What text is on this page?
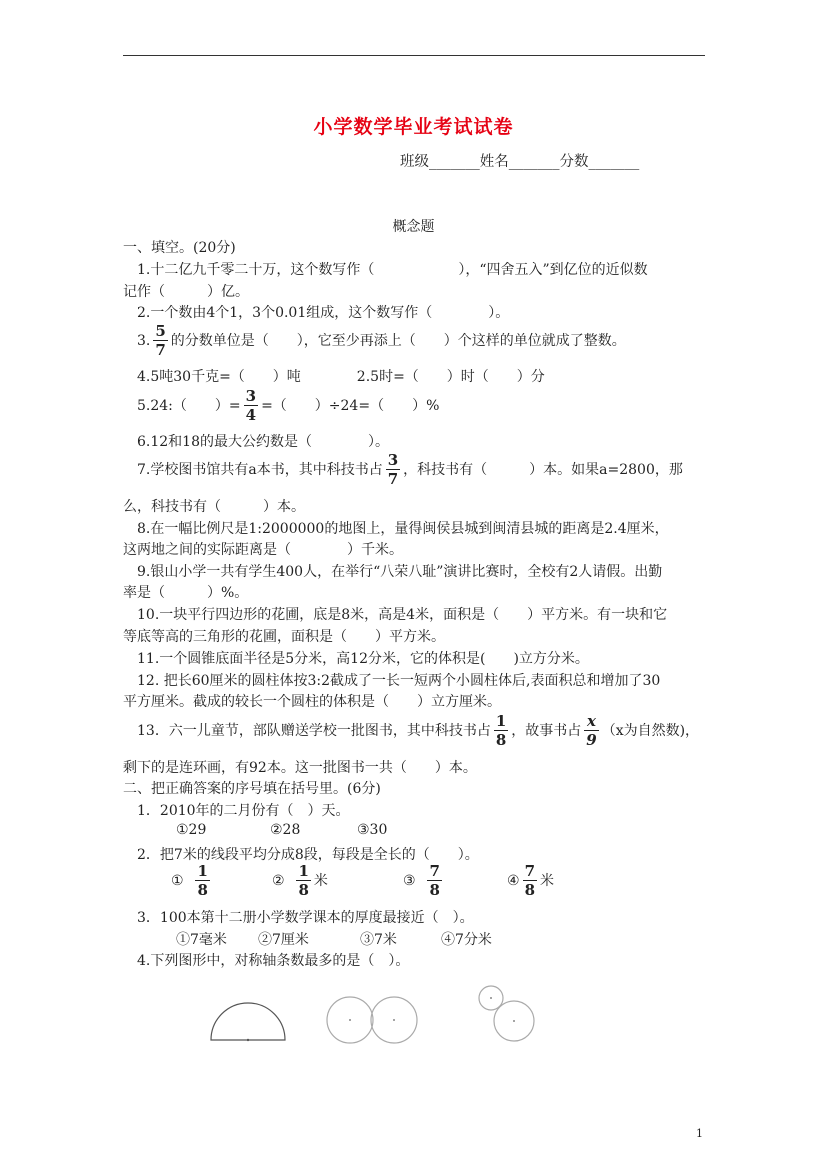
小学数学毕业考试试卷
班级_______姓名_______分数_______
概念题
一、填空。(20分)
1.十二亿九千零二十万，这个数写作（　　　　　　），“四舍五入”到亿位的近似数
记作（　　　）亿。
2.一个数由4个1，3个0.01组成，这个数写作（　　　　）。
3. $\frac{5}{7}$ 的分数单位是（　　），它至少再添上（　　）个这样的单位就成了整数。
4.5吨30千克=（　　）吨　　　　2.5时=（　　）时（　　）分
5.24:（　　）= $\frac{3}{4}$ =（　　）÷24=（　　）%
6.12和18的最大公约数是（　　　　）。
7.学校图书馆共有a本书，其中科技书占 $\frac{3}{7}$ ，科技书有（　　　）本。如果a=2800，那
么，科技书有（　　　）本。
8.在一幅比例尺是1:2000000的地图上，量得闽侯县城到闽清县城的距离是2.4厘米，
这两地之间的实际距离是（　　　　）千米。
9.银山小学一共有学生400人，在举行“八荣八耻”演讲比赛时，全校有2人请假。出勤
率是（　　　）%。
10.一块平行四边形的花圃，底是8米，高是4米，面积是（　　）平方米。有一块和它
等底等高的三角形的花圃，面积是（　　）平方米。
11.一个圆锥底面半径是5分米，高12分米，它的体积是(　　)立方分米。
12. 把长60厘米的圆柱体按3:2截成了一长一短两个小圆柱体后,表面积总和增加了30
平方厘米。截成的较长一个圆柱的体积是（　　）立方厘米。
13．六一儿童节，部队赠送学校一批图书，其中科技书占 $\frac{1}{8}$ ，故事书占 $\frac{x}{9} (x$为自然数)，
剩下的是连环画，有92本。这一批图书一共（　　）本。
二、把正确答案的序号填在括号里。(6分)
1．2010年的二月份有（　）天。
①29	②28	③30
2．把7米的线段平均分成8段，每段是全长的（　　）。
① $\frac{1}{8}$	② $\frac{1}{8}$ 米	③ $\frac{7}{8}$	④ $\frac{7}{8}$ 米
3．100本第十二册小学数学课本的厚度最接近（　）。
①7毫米 ②7厘米	③7米	④7分米
4.下列图形中，对称轴条数最多的是（　）。
1
